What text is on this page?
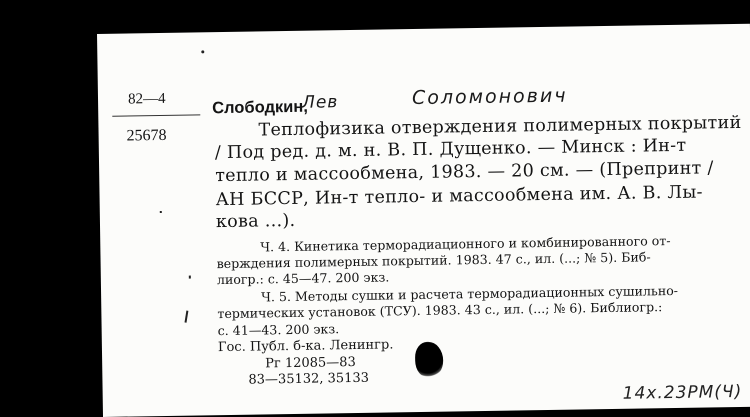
82—4
25678
Слободкин,
Лев	Соломонович
Теплофизика отверждения полимерных покрытий
/ Под ред. д. м. н. В. П. Дущенко. — Минск : Ин-т
тепло и массообмена, 1983. — 20 см. — (Препринт /
АН БССР, Ин-т тепло- и массообмена им. А. В. Лы-
кова ...).
Ч. 4. Кинетика терморадиационного и комбинированного от-
верждения полимерных покрытий. 1983. 47 с., ил. (...; № 5). Биб-
лиогр.: с. 45—47. 200 экз.
Ч. 5. Методы сушки и расчета терморадиационных сушильно-
термических установок (ТСУ). 1983. 43 с., ил. (...; № 6). Библиогр.:
с. 41—43. 200 экз.
Гос. Публ. б-ка. Ленингр.
Рг 12085—83
83—35132, 35133
14х.23РМ(Ч)
